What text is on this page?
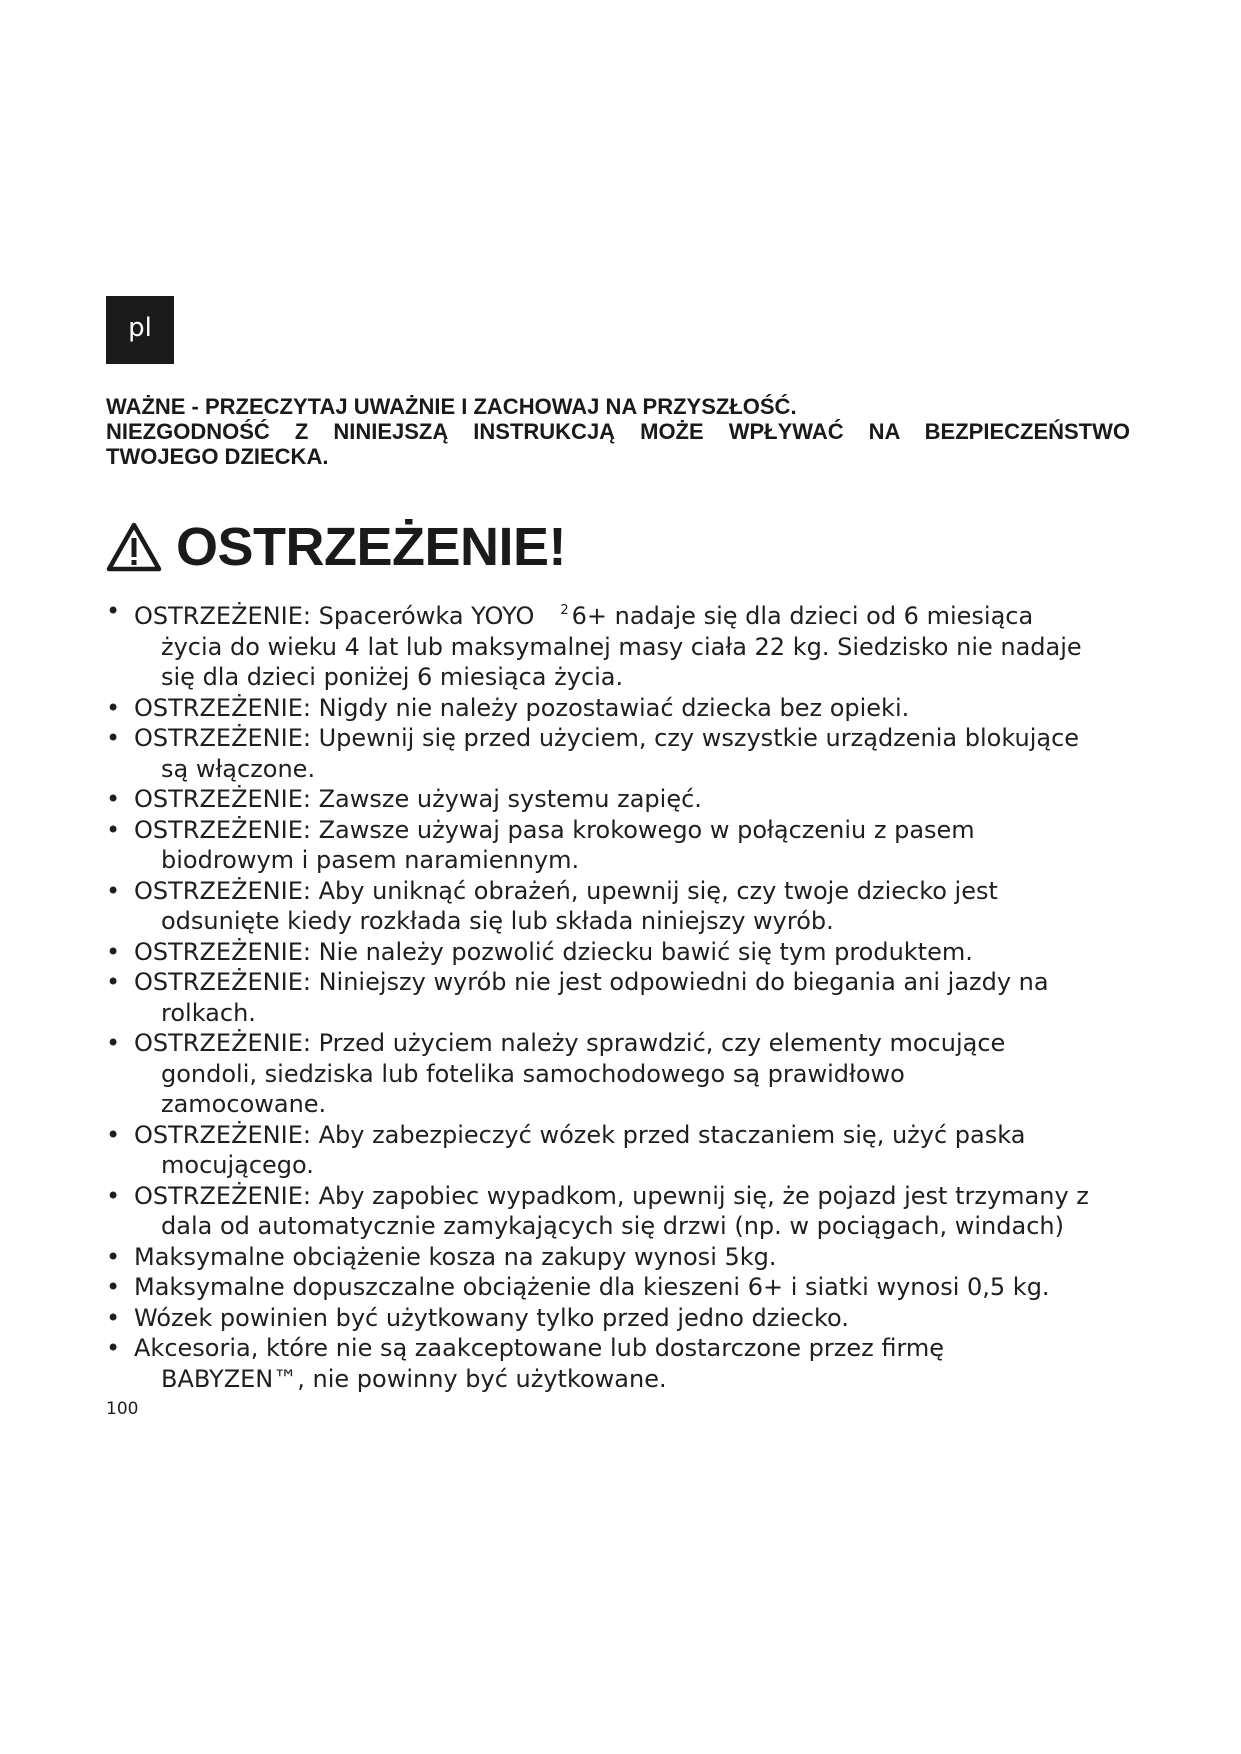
pl
WAŻNE - PRZECZYTAJ UWAŻNIE I ZACHOWAJ NA PRZYSZŁOŚĆ.
NIEZGODNOŚĆ Z NINIEJSZĄ INSTRUKCJĄ MOŻE WPŁYWAĆ NA BEZPIECZEŃSTWO
TWOJEGO DZIECKA.
OSTRZEŻENIE!
• OSTRZEŻENIE: Spacerówka YOYO $^2$ 6+ nadaje się dla dzieci od 6 miesiąca
życia do wieku 4 lat lub maksymalnej masy ciała 22 kg. Siedzisko nie nadaje
się dla dzieci poniżej 6 miesiąca życia.
• OSTRZEŻENIE: Nigdy nie należy pozostawiać dziecka bez opieki.
• OSTRZEŻENIE: Upewnij się przed użyciem, czy wszystkie urządzenia blokujące
są włączone.
• OSTRZEŻENIE: Zawsze używaj systemu zapięć.
• OSTRZEŻENIE: Zawsze używaj pasa krokowego w połączeniu z pasem
biodrowym i pasem naramiennym.
• OSTRZEŻENIE: Aby uniknąć obrażeń, upewnij się, czy twoje dziecko jest
odsunięte kiedy rozkłada się lub składa niniejszy wyrób.
• OSTRZEŻENIE: Nie należy pozwolić dziecku bawić się tym produktem.
• OSTRZEŻENIE: Niniejszy wyrób nie jest odpowiedni do biegania ani jazdy na
rolkach.
• OSTRZEŻENIE: Przed użyciem należy sprawdzić, czy elementy mocujące
gondoli, siedziska lub fotelika samochodowego są prawidłowo
zamocowane.
• OSTRZEŻENIE: Aby zabezpieczyć wózek przed staczaniem się, użyć paska
mocującego.
• OSTRZEŻENIE: Aby zapobiec wypadkom, upewnij się, że pojazd jest trzymany z
dala od automatycznie zamykających się drzwi (np. w pociągach, windach)
• Maksymalne obciążenie kosza na zakupy wynosi 5kg.
• Maksymalne dopuszczalne obciążenie dla kieszeni 6+ i siatki wynosi 0,5 kg.
• Wózek powinien być użytkowany tylko przed jedno dziecko.
• Akcesoria, które nie są zaakceptowane lub dostarczone przez firmę
BABYZEN™, nie powinny być użytkowane.
100
